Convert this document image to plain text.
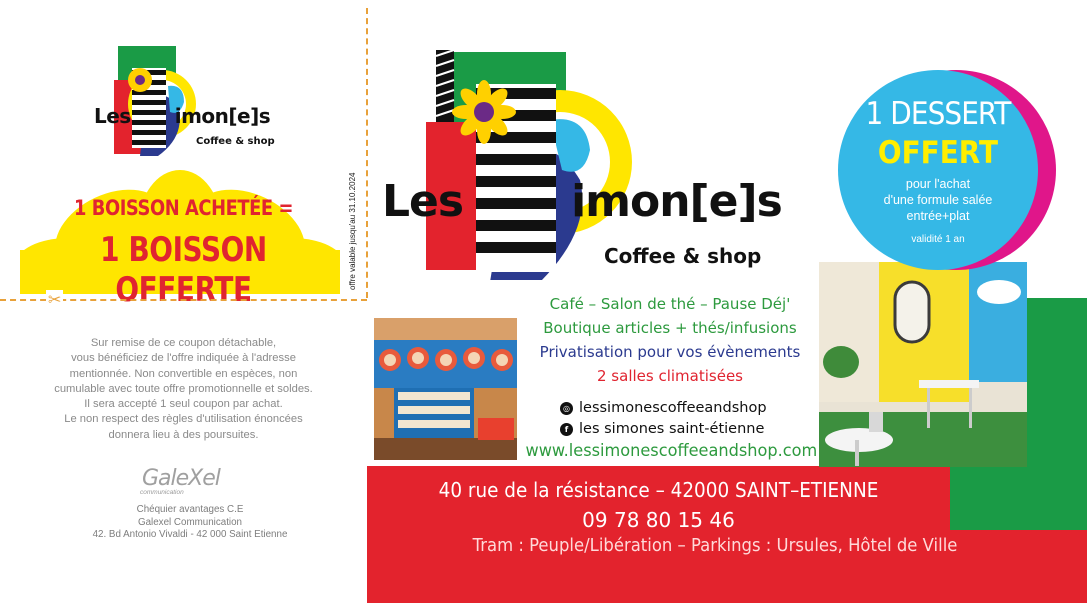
Les imon[e]s
Coffee & shop
1 BOISSON ACHETÉE =
1 BOISSON OFFERTE
✂
offre valable jusqu'au 31.10.2024
Sur remise de ce coupon détachable,
vous bénéficiez de l'offre indiquée à l'adresse
mentionnée. Non convertible en espèces, non
cumulable avec toute offre promotionnelle et soldes.
Il sera accepté 1 seul coupon par achat.
Le non respect des règles d'utilisation énoncées
donnera lieu à des poursuites.
GaleXel
communication
Chéquier avantages C.E
Galexel Communication
42. Bd Antonio Vivaldi - 42 000 Saint Etienne
Les imon[e]s
Coffee & shop
Café – Salon de thé – Pause Déj'
Boutique articles + thés/infusions
Privatisation pour vos évènements
2 salles climatisées
◎ lessimonescoffeeandshop
f les simones saint-étienne
www.lessimonescoffeeandshop.com
1 DESSERT
OFFERT
pour l'achat
d'une formule salée
entrée+plat
validité 1 an
40 rue de la résistance – 42000 SAINT–ETIENNE
09 78 80 15 46
Tram : Peuple/Libération – Parkings : Ursules, Hôtel de Ville
